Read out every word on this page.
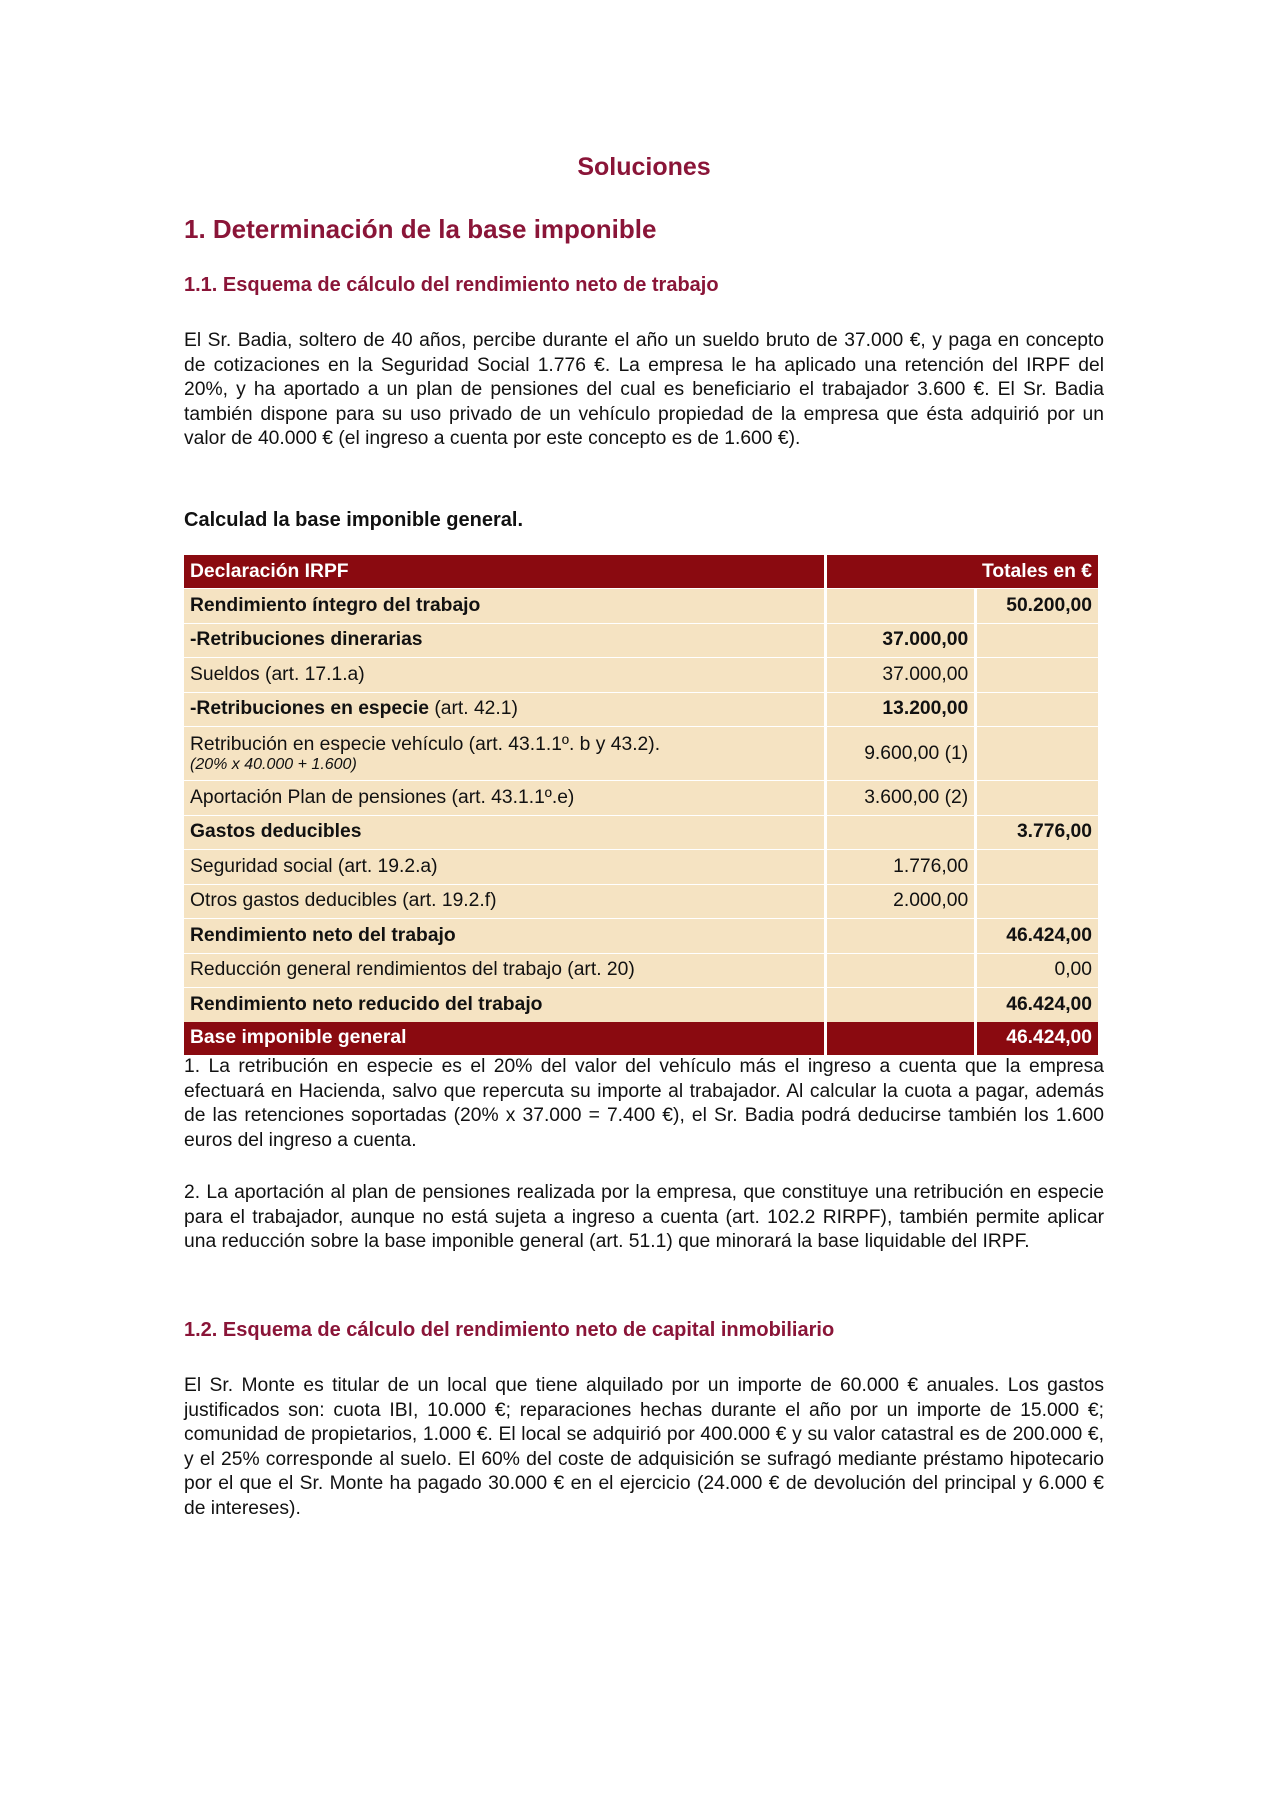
Soluciones
1. Determinación de la base imponible
1.1. Esquema de cálculo del rendimiento neto de trabajo

El Sr. Badia, soltero de 40 años, percibe durante el año un sueldo bruto de 37.000 €, y paga en concepto de cotizaciones en la Seguridad Social 1.776 €. La empresa le ha aplicado una retención del IRPF del 20%, y ha aportado a un plan de pensiones del cual es beneficiario el trabajador 3.600 €. El Sr. Badia también dispone para su uso privado de un vehículo propiedad de la empresa que ésta adquirió por un valor de 40.000 € (el ingreso a cuenta por este concepto es de 1.600 €).

Calculad la base imponible general.

Declaración IRPF	Totales en €	
Rendimiento íntegro del trabajo		50.200,00
-Retribuciones dinerarias	37.000,00	
Sueldos (art. 17.1.a)	37.000,00	
-Retribuciones en especie (art. 42.1)	13.200,00	
Retribución en especie vehículo (art. 43.1.1º. b y 43.2).
(20% x 40.000 + 1.600)	9.600,00 (1)	
Aportación Plan de pensiones (art. 43.1.1º.e)	3.600,00 (2)	
Gastos deducibles		3.776,00
Seguridad social (art. 19.2.a)	1.776,00	
Otros gastos deducibles (art. 19.2.f)	2.000,00	
Rendimiento neto del trabajo		46.424,00
Reducción general rendimientos del trabajo (art. 20)		0,00
Rendimiento neto reducido del trabajo		46.424,00
Base imponible general		46.424,00

1. La retribución en especie es el 20% del valor del vehículo más el ingreso a cuenta que la empresa efectuará en Hacienda, salvo que repercuta su importe al trabajador. Al calcular la cuota a pagar, además de las retenciones soportadas (20% x 37.000 = 7.400 €), el Sr. Badia podrá deducirse también los 1.600 euros del ingreso a cuenta.

2. La aportación al plan de pensiones realizada por la empresa, que constituye una retribución en especie para el trabajador, aunque no está sujeta a ingreso a cuenta (art. 102.2 RIRPF), también permite aplicar una reducción sobre la base imponible general (art. 51.1) que minorará la base liquidable del IRPF.

1.2. Esquema de cálculo del rendimiento neto de capital inmobiliario

El Sr. Monte es titular de un local que tiene alquilado por un importe de 60.000 € anuales. Los gastos justificados son: cuota IBI, 10.000 €; reparaciones hechas durante el año por un importe de 15.000 €; comunidad de propietarios, 1.000 €. El local se adquirió por 400.000 € y su valor catastral es de 200.000 €, y el 25% corresponde al suelo. El 60% del coste de adquisición se sufragó mediante préstamo hipotecario por el que el Sr. Monte ha pagado 30.000 € en el ejercicio (24.000 € de devolución del principal y 6.000 € de intereses).
